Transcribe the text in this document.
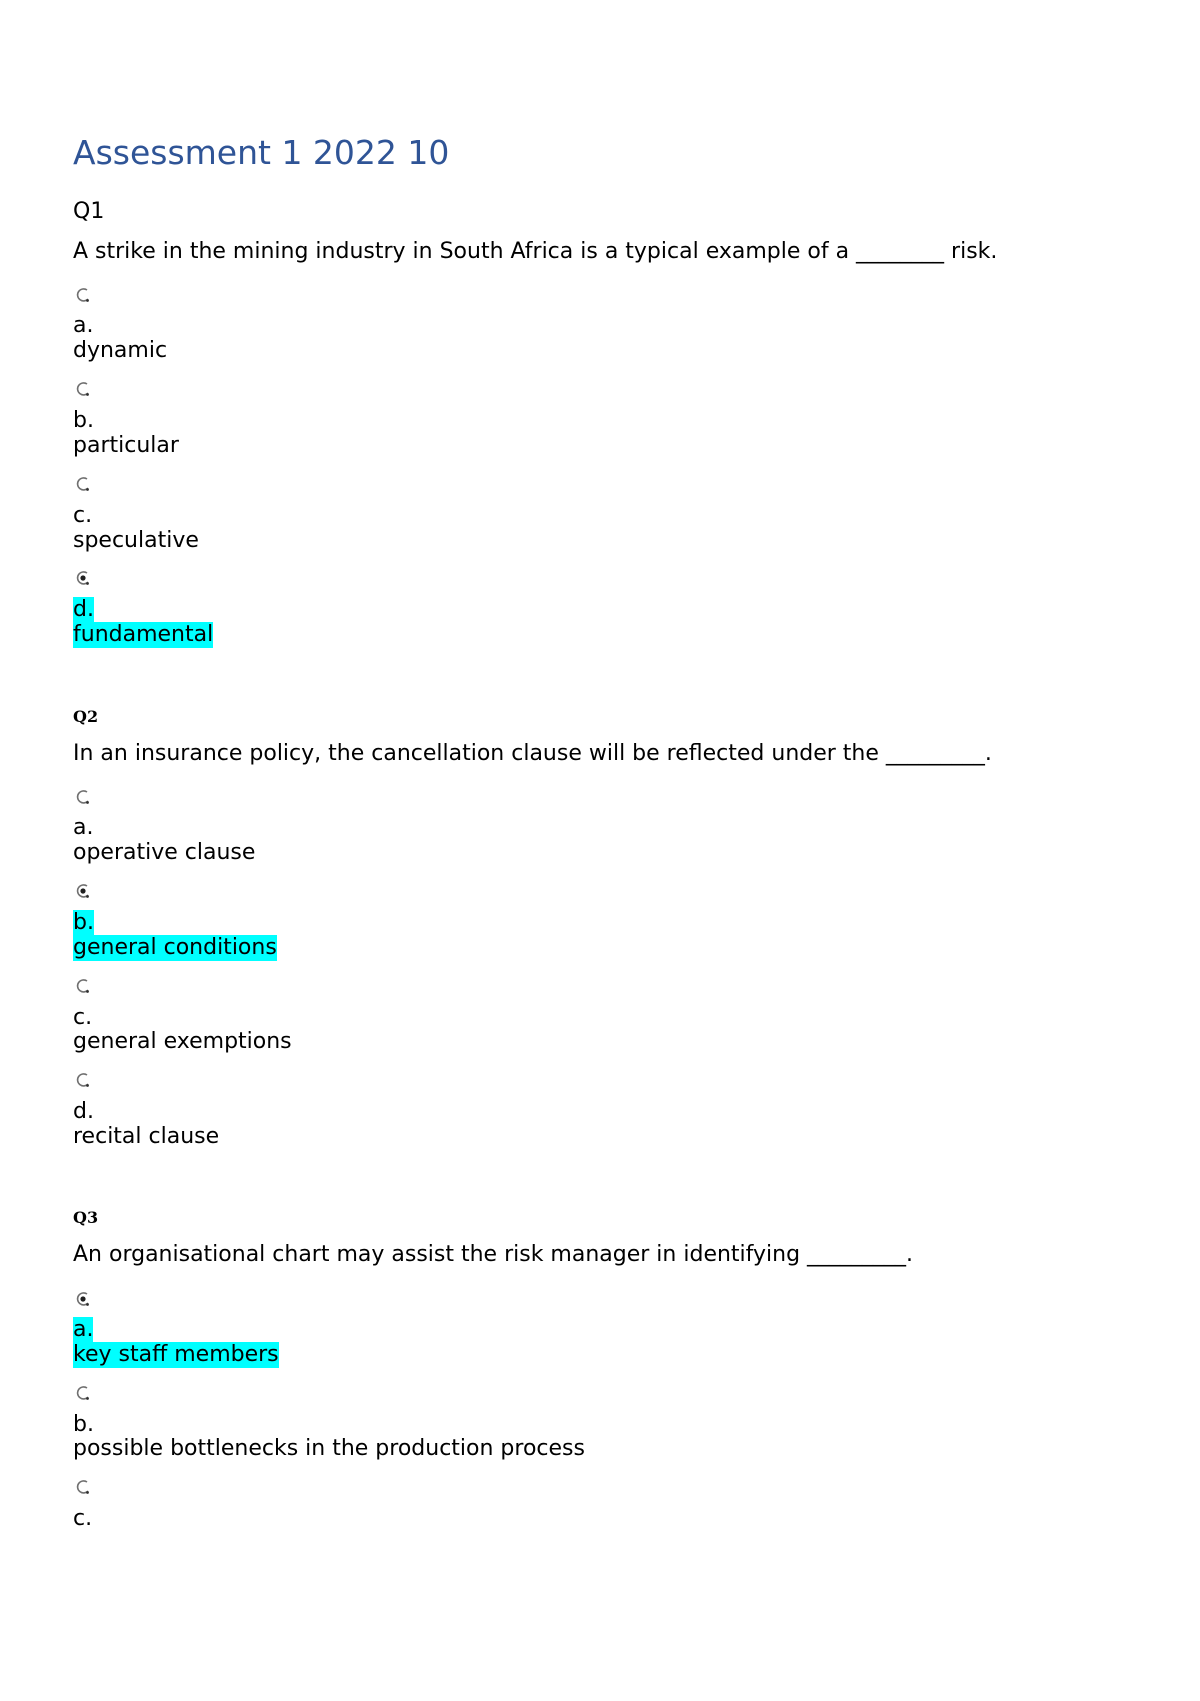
Assessment 1 2022 10
Q1
A strike in the mining industry in South Africa is a typical example of a ________ risk.
a.
dynamic
b.
particular
c.
speculative
d.
fundamental
Q2
In an insurance policy, the cancellation clause will be reflected under the _________.
a.
operative clause
b.
general conditions
c.
general exemptions
d.
recital clause
Q3
An organisational chart may assist the risk manager in identifying _________.
a.
key staff members
b.
possible bottlenecks in the production process
c.
